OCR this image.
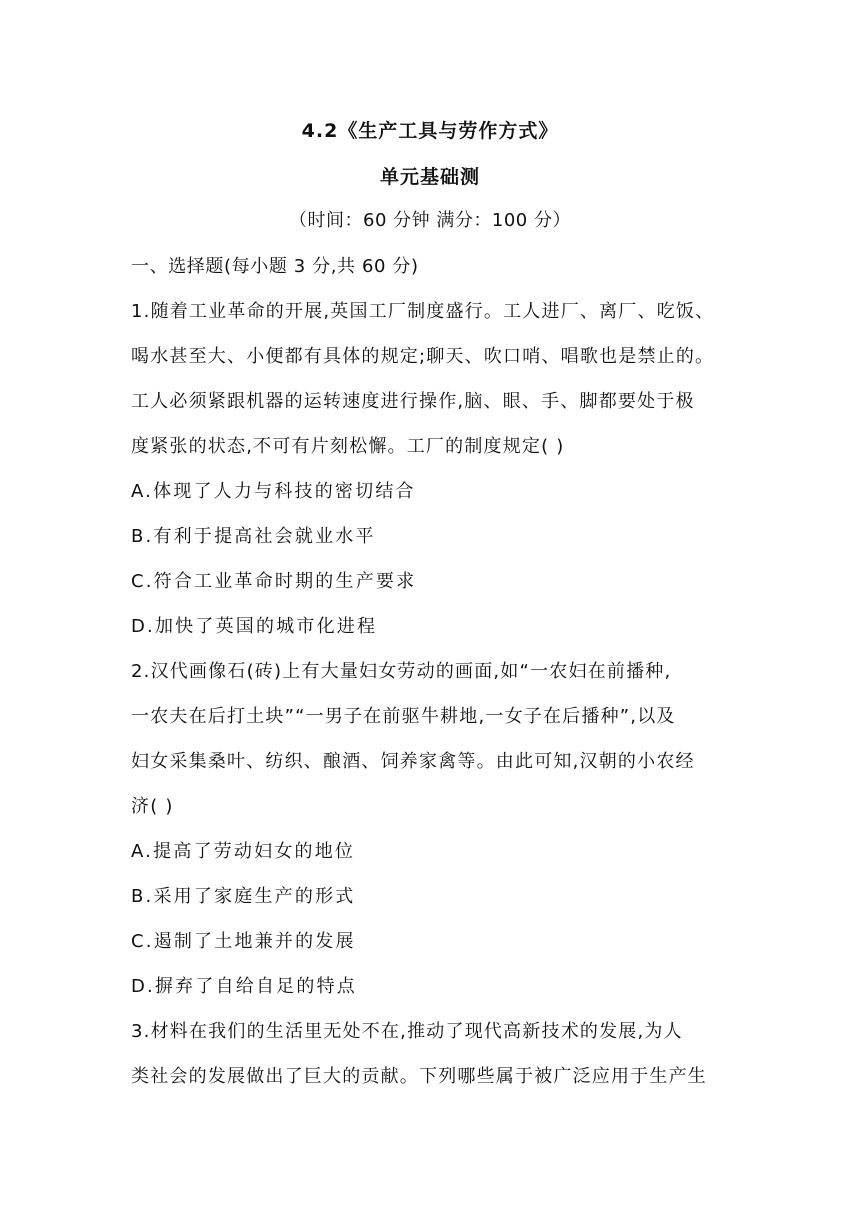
4.2《生产工具与劳作方式》
单元基础测
（时间：60 分钟 满分：100 分）
一、选择题(每小题 3 分,共 60 分)
1.随着工业革命的开展,英国工厂制度盛行。工人进厂、离厂、吃饭、
喝水甚至大、小便都有具体的规定;聊天、吹口哨、唱歌也是禁止的。
工人必须紧跟机器的运转速度进行操作,脑、眼、手、脚都要处于极
度紧张的状态,不可有片刻松懈。工厂的制度规定( )
A.体现了人力与科技的密切结合
B.有利于提高社会就业水平
C.符合工业革命时期的生产要求
D.加快了英国的城市化进程
2.汉代画像石(砖)上有大量妇女劳动的画面,如“一农妇在前播种,
一农夫在后打土块”“一男子在前驱牛耕地,一女子在后播种”,以及
妇女采集桑叶、纺织、酿酒、饲养家禽等。由此可知,汉朝的小农经
济( )
A.提高了劳动妇女的地位
B.采用了家庭生产的形式
C.遏制了土地兼并的发展
D.摒弃了自给自足的特点
3.材料在我们的生活里无处不在,推动了现代高新技术的发展,为人
类社会的发展做出了巨大的贡献。下列哪些属于被广泛应用于生产生
